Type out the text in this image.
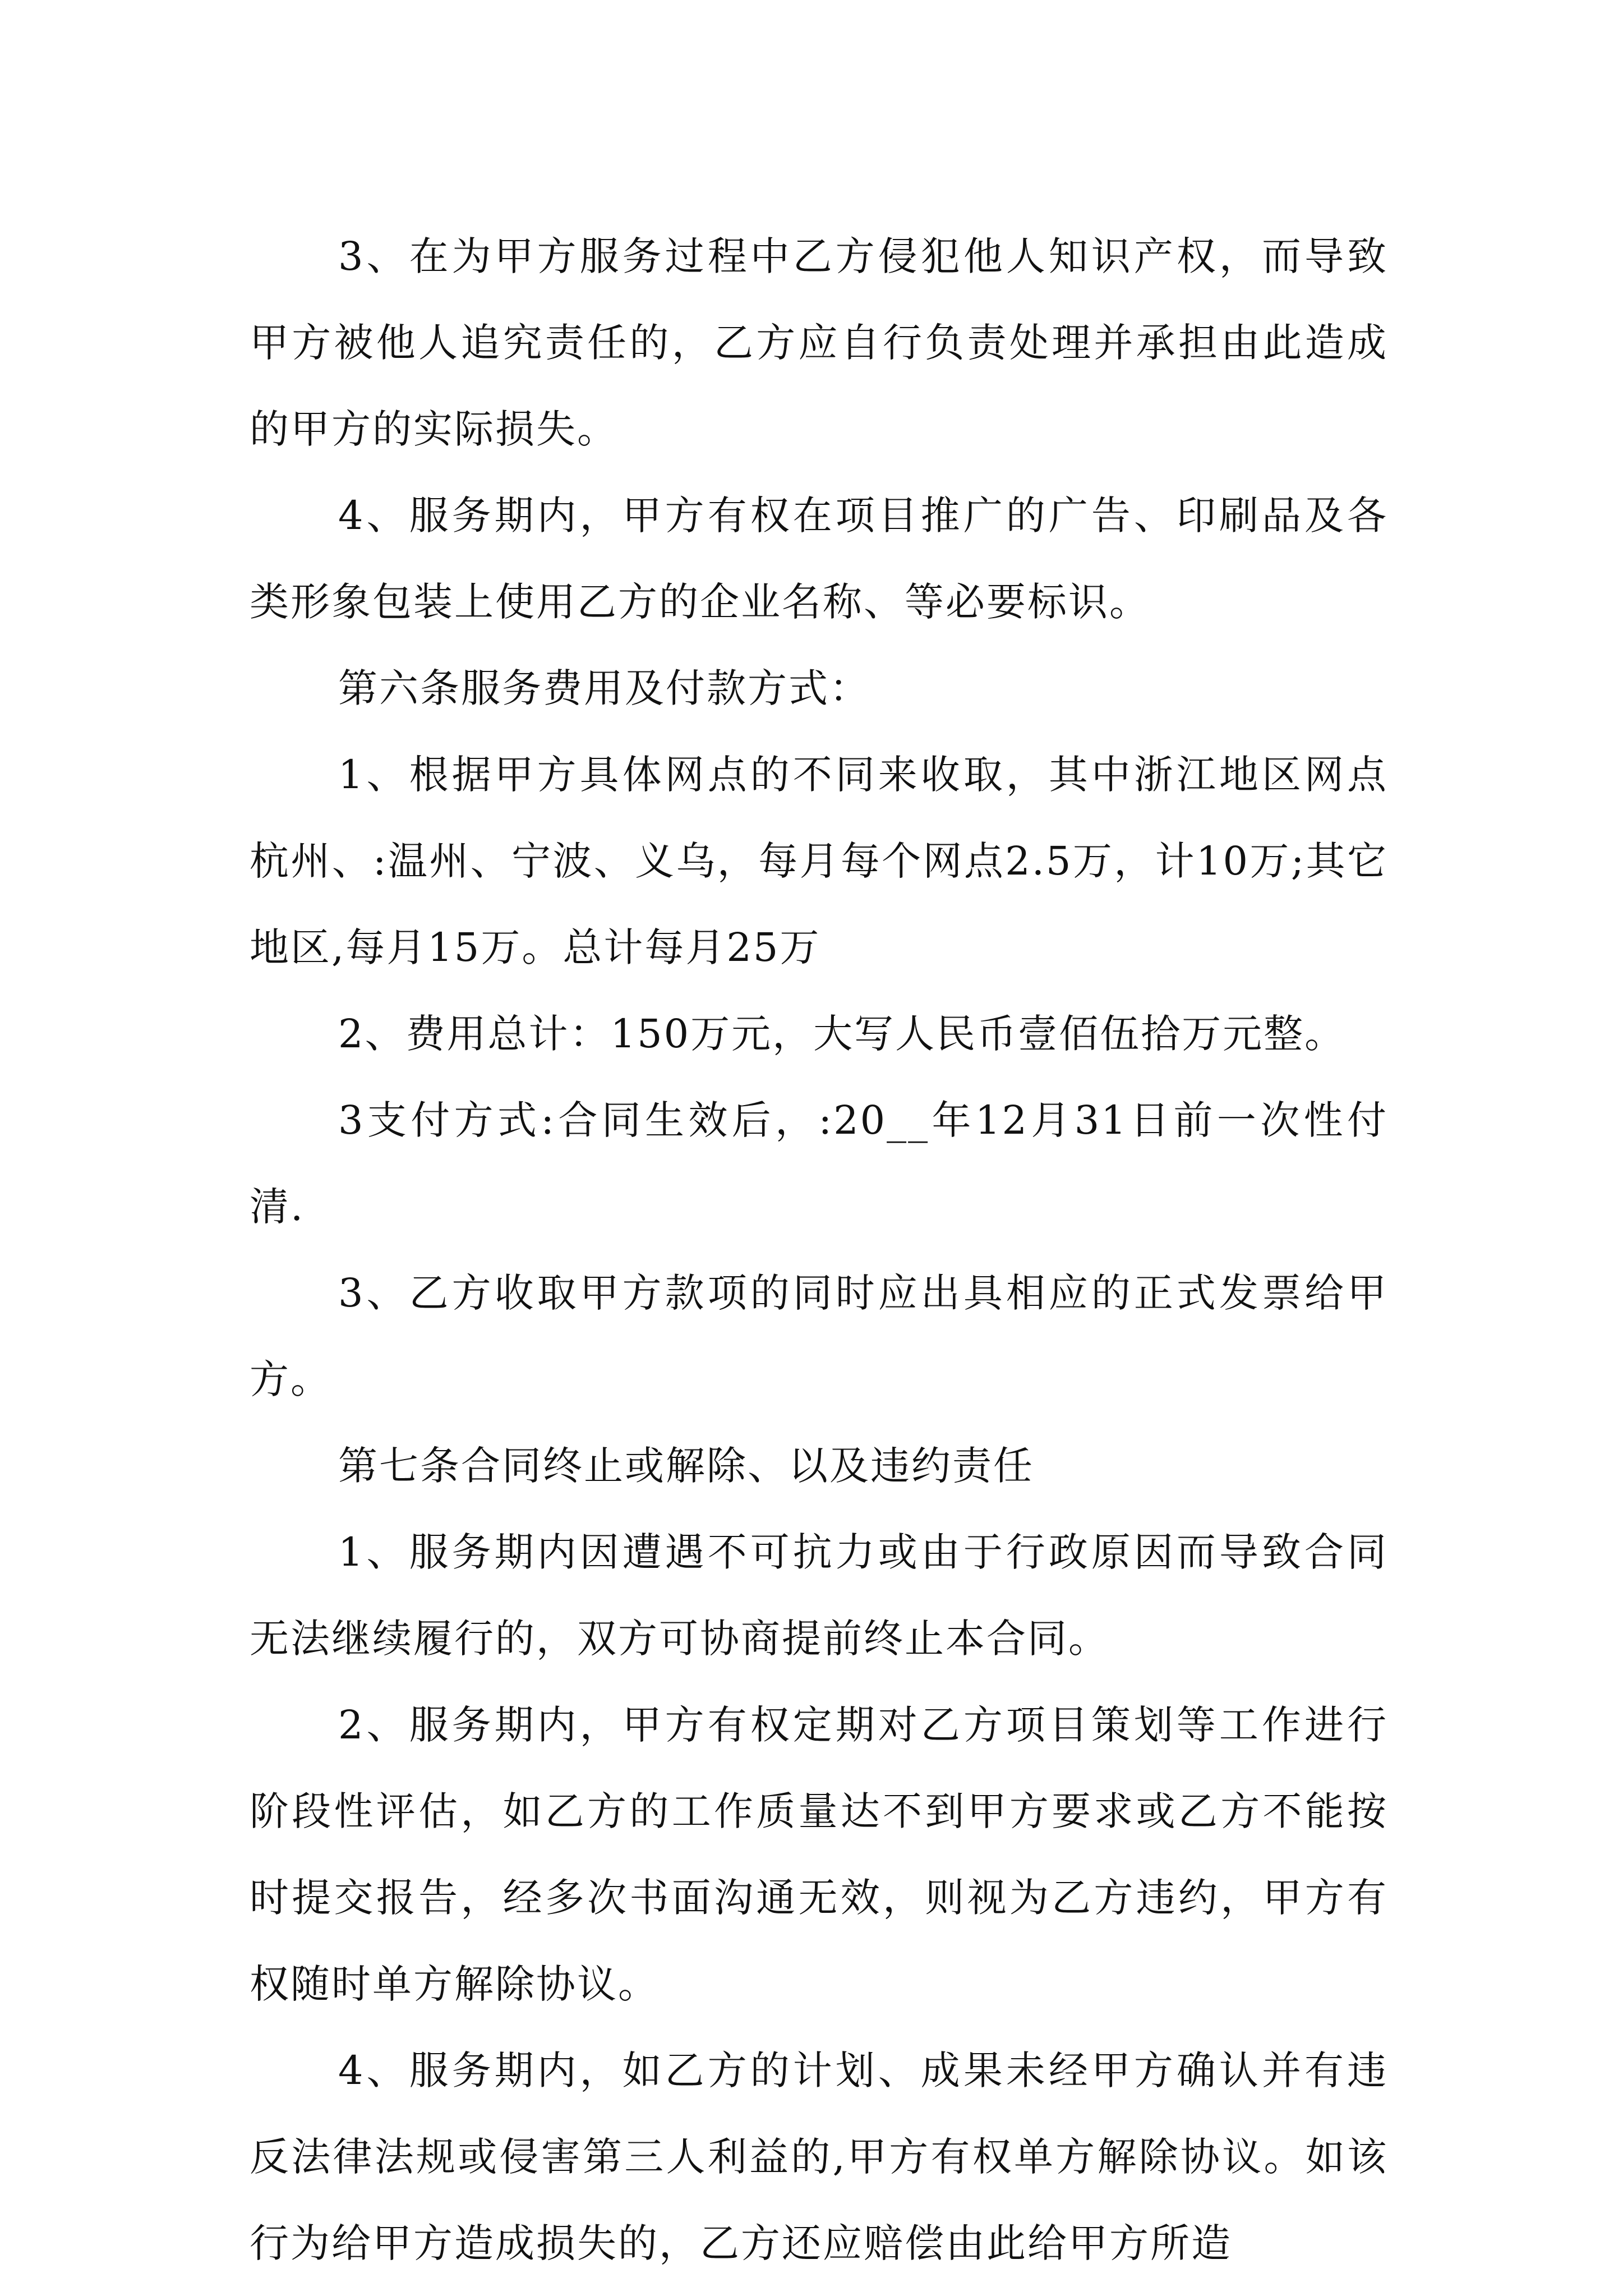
3、在为甲方服务过程中乙方侵犯他人知识产权，而导致甲方被他人追究责任的，乙方应自行负责处理并承担由此造成的甲方的实际损失。

4、服务期内，甲方有权在项目推广的广告、印刷品及各类形象包装上使用乙方的企业名称、等必要标识。

第六条服务费用及付款方式：

1、根据甲方具体网点的不同来收取，其中浙江地区网点杭州、:温州、宁波、义乌，每月每个网点2.5万，计10万;其它地区,每月15万。总计每月25万

2、费用总计：150万元，大写人民币壹佰伍拾万元整。

3支付方式:合同生效后，:20__年12月31日前一次性付清.

3、乙方收取甲方款项的同时应出具相应的正式发票给甲方。

第七条合同终止或解除、以及违约责任

1、服务期内因遭遇不可抗力或由于行政原因而导致合同无法继续履行的，双方可协商提前终止本合同。

2、服务期内，甲方有权定期对乙方项目策划等工作进行阶段性评估，如乙方的工作质量达不到甲方要求或乙方不能按时提交报告，经多次书面沟通无效，则视为乙方违约，甲方有权随时单方解除协议。

4、服务期内，如乙方的计划、成果未经甲方确认并有违反法律法规或侵害第三人利益的,甲方有权单方解除协议。如该行为给甲方造成损失的，乙方还应赔偿由此给甲方所造
